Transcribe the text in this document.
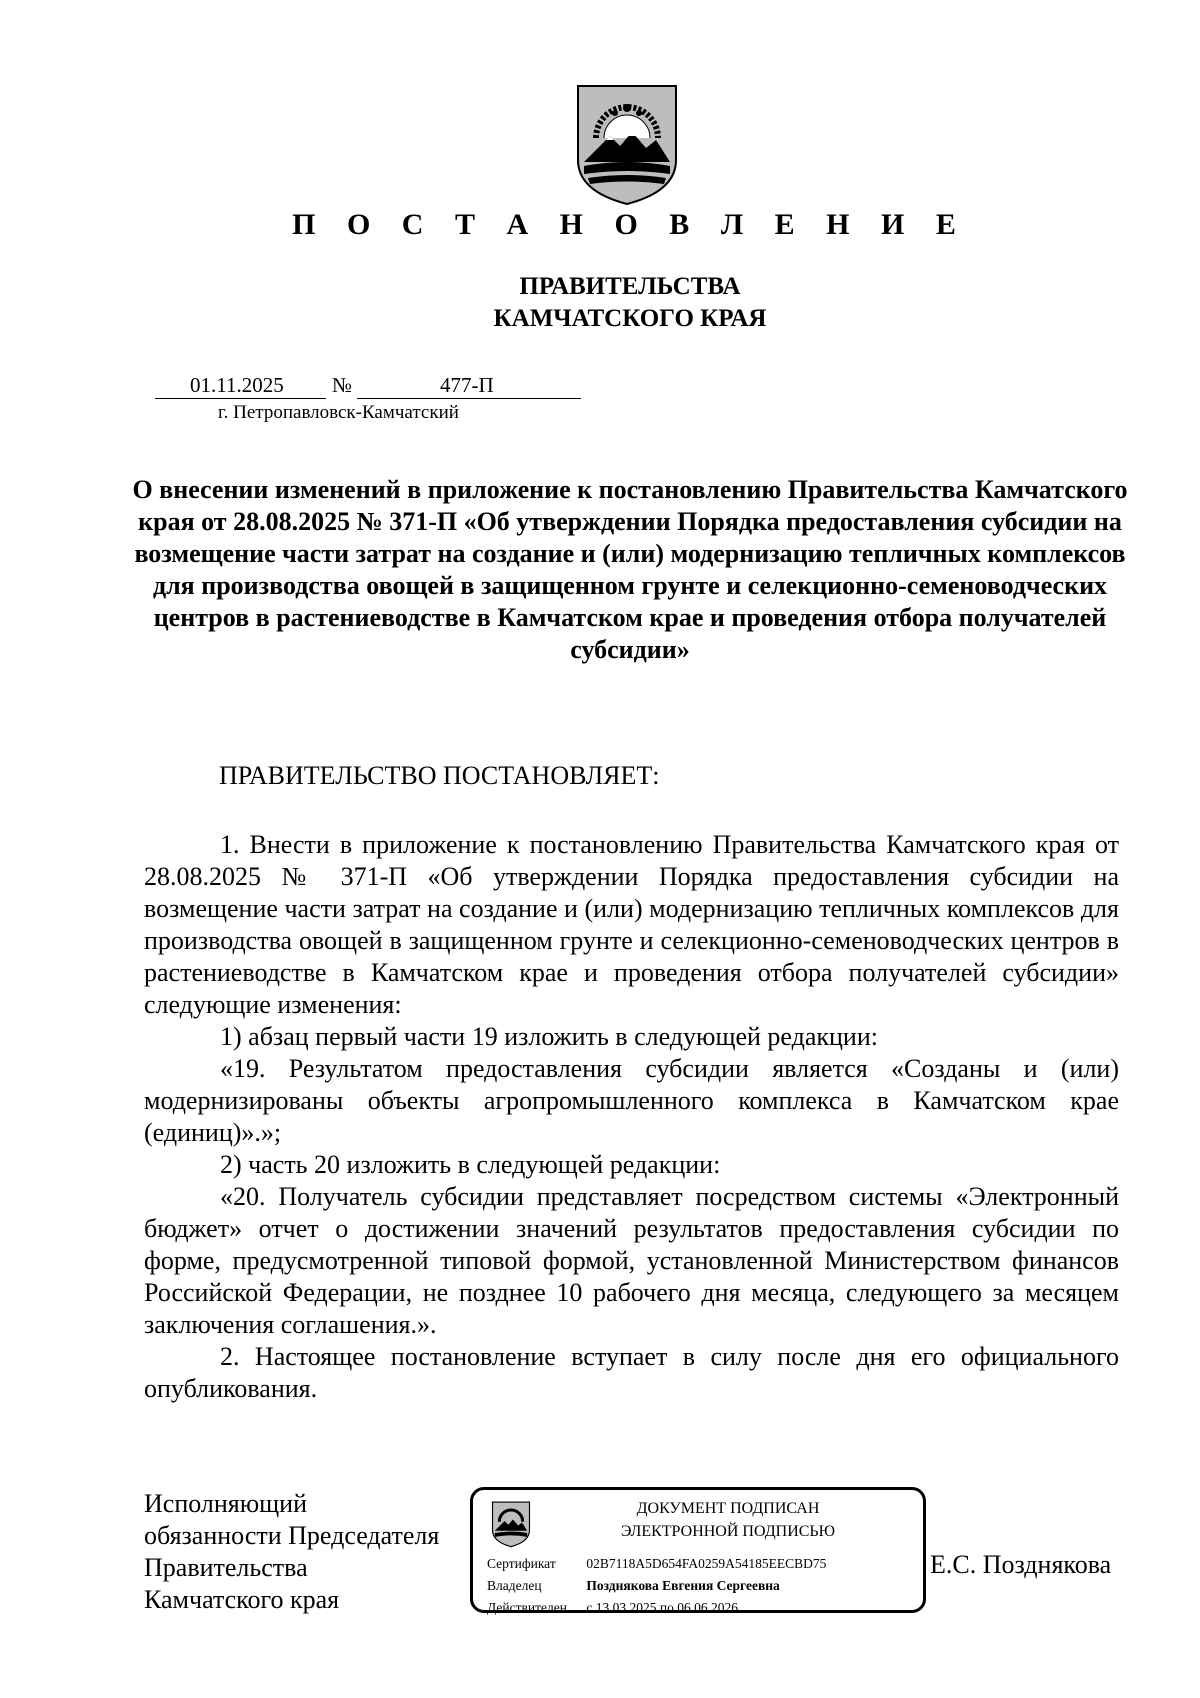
П О С Т А Н О В Л Е Н И Е
ПРАВИТЕЛЬСТВА
КАМЧАТСКОГО КРАЯ
01.11.2025 №	477-П
г. Петропавловск-Камчатский

О внесении изменений в приложение к постановлению Правительства Камчатского края от 28.08.2025 № 371-П «Об утверждении Порядка предоставления субсидии на возмещение части затрат на создание и (или) модернизацию тепличных комплексов для производства овощей в защищенном грунте и селекционно-семеноводческих центров в растениеводстве в Камчатском крае и проведения отбора получателей субсидии»

ПРАВИТЕЛЬСТВО ПОСТАНОВЛЯЕТ:

1. Внести в приложение к постановлению Правительства Камчатского края от 28.08.2025 № 371-П «Об утверждении Порядка предоставления субсидии на возмещение части затрат на создание и (или) модернизацию тепличных комплексов для производства овощей в защищенном грунте и селекционно-семеноводческих центров в растениеводстве в Камчатском крае и проведения отбора получателей субсидии» следующие изменения:

1) абзац первый части 19 изложить в следующей редакции:

«19. Результатом предоставления субсидии является «Созданы и (или) модернизированы объекты агропромышленного комплекса в Камчатском крае (единиц)».»;

2) часть 20 изложить в следующей редакции:

«20. Получатель субсидии представляет посредством системы «Электронный бюджет» отчет о достижении значений результатов предоставления субсидии по форме, предусмотренной типовой формой, установленной Министерством финансов Российской Федерации, не позднее 10 рабочего дня месяца, следующего за месяцем заключения соглашения.».

2. Настоящее постановление вступает в силу после дня его официального опубликования.

Исполняющий
обязанности Председателя
Правительства
Камчатского края

Е.С. Позднякова
ДОКУМЕНТ ПОДПИСАН
ЭЛЕКТРОННОЙ ПОДПИСЬЮ
Сертификат 02B7118A5D654FA0259A54185EECBD75
Владелец	Позднякова Евгения Сергеевна
Действителен с 13.03.2025 по 06.06.2026
